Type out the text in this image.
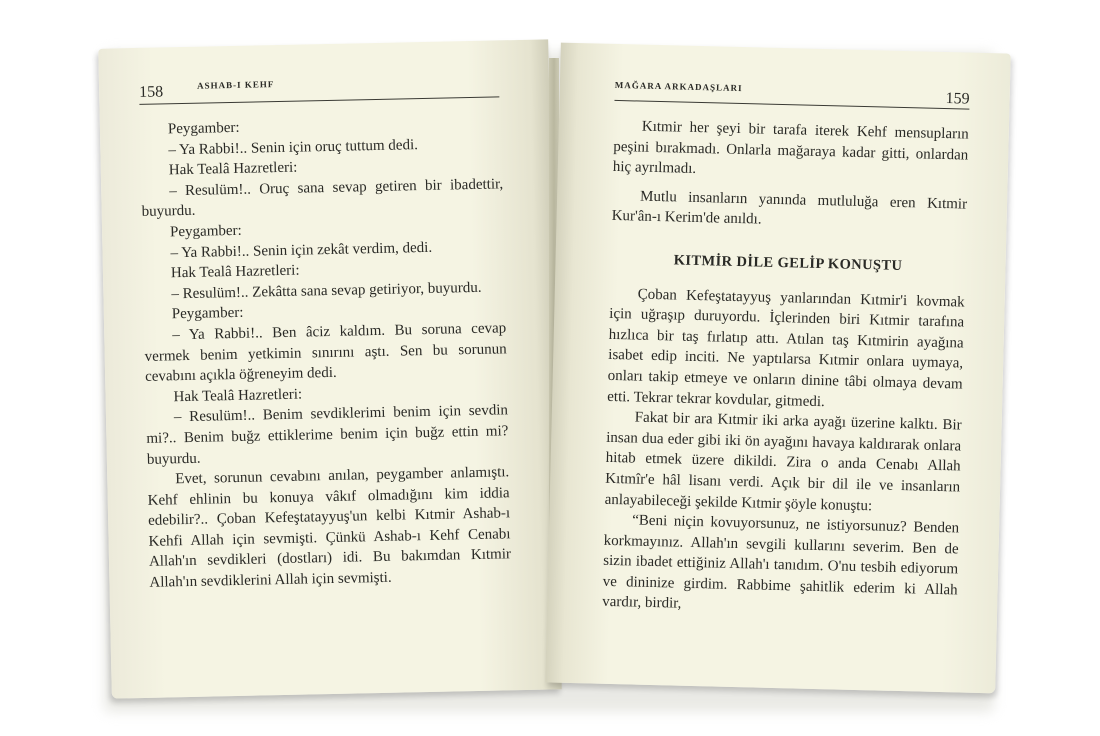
158	ASHAB-I KEHF

Peygamber:

– Ya Rabbi!.. Senin için oruç tuttum dedi.

Hak Tealâ Hazretleri:

– Resulüm!.. Oruç sana sevap getiren bir ibadettir, buyurdu.

Peygamber:

– Ya Rabbi!.. Senin için zekât verdim, dedi.

Hak Tealâ Hazretleri:

– Resulüm!.. Zekâtta sana sevap getiriyor, buyurdu.

Peygamber:

– Ya Rabbi!.. Ben âciz kaldım. Bu soruna cevap vermek benim yetkimin sınırını aştı. Sen bu sorunun cevabını açıkla öğreneyim dedi.

Hak Tealâ Hazretleri:

– Resulüm!.. Benim sevdiklerimi benim için sevdin mi?.. Benim buğz ettiklerime benim için buğz ettin mi? buyurdu.

Evet, sorunun cevabını anılan, peygamber anlamıştı. Kehf ehlinin bu konuya vâkıf olmadığını kim iddia edebilir?.. Çoban Kefeştatayyuş'un kelbi Kıtmir Ashab-ı Kehfi Allah için sevmişti. Çünkü Ashab-ı Kehf Cenabı Allah'ın sevdikleri (dostları) idi. Bu bakımdan Kıtmir Allah'ın sevdiklerini Allah için sevmişti.

MAĞARA ARKADAŞLARI
159

Kıtmir her şeyi bir tarafa iterek Kehf mensupların peşini bırakmadı. Onlarla mağaraya kadar gitti, onlardan hiç ayrılmadı.

Mutlu insanların yanında mutluluğa eren Kıtmir Kur'ân-ı Kerim'de anıldı.

KITMİR DİLE GELİP KONUŞTU

Çoban Kefeştatayyuş yanlarından Kıtmir'i kovmak için uğraşıp duruyordu. İçlerinden biri Kıtmir tarafına hızlıca bir taş fırlatıp attı. Atılan taş Kıtmirin ayağına isabet edip inciti. Ne yaptılarsa Kıtmir onlara uymaya, onları takip etmeye ve onların dinine tâbi olmaya devam etti. Tekrar tekrar kovdular, gitmedi.

Fakat bir ara Kıtmir iki arka ayağı üzerine kalktı. Bir insan dua eder gibi iki ön ayağını havaya kaldırarak onlara hitab etmek üzere dikildi. Zira o anda Cenabı Allah Kıtmîr'e hâl lisanı verdi. Açık bir dil ile ve insanların anlayabileceği şekilde Kıtmir şöyle konuştu:

“Beni niçin kovuyorsunuz, ne istiyorsunuz? Benden korkmayınız. Allah'ın sevgili kullarını severim. Ben de sizin ibadet ettiğiniz Allah'ı tanıdım. O'nu tesbih ediyorum ve dininize girdim. Rabbime şahitlik ederim ki Allah vardır, birdir,
